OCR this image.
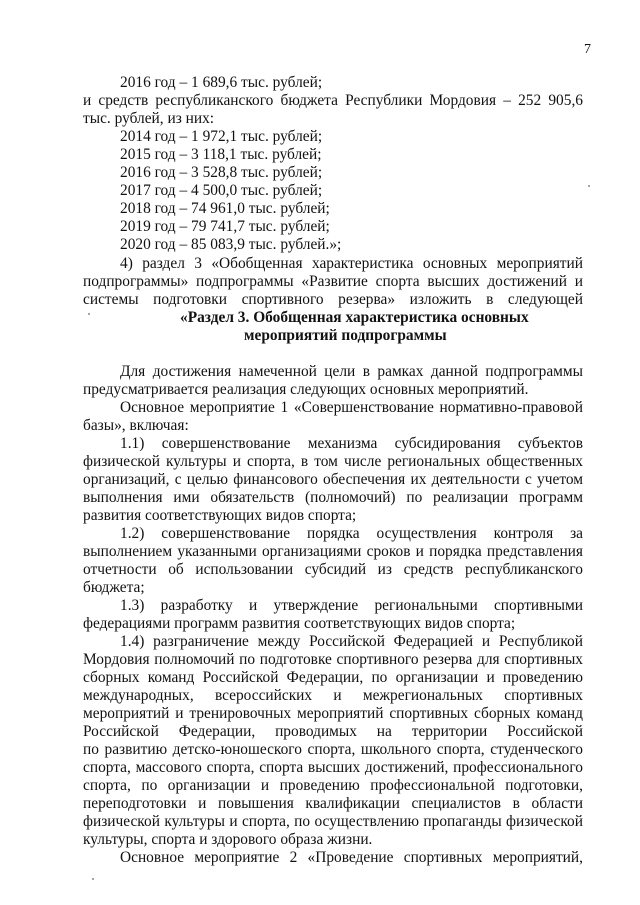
7
2016 год – 1 689,6 тыс. рублей;
и средств республиканского бюджета Республики Мордовия – 252 905,6
тыс. рублей, из них:
2014 год – 1 972,1 тыс. рублей;
2015 год – 3 118,1 тыс. рублей;
2016 год – 3 528,8 тыс. рублей;
2017 год – 4 500,0 тыс. рублей;
2018 год – 74 961,0 тыс. рублей;
2019 год – 79 741,7 тыс. рублей;
2020 год – 85 083,9 тыс. рублей.»;
4) раздел 3 «Обобщенная характеристика основных мероприятий
подпрограммы» подпрограммы «Развитие спорта высших достижений и
системы подготовки спортивного резерва» изложить в следующей
«Раздел 3. Обобщенная характеристика основных
мероприятий подпрограммы
Для достижения намеченной цели в рамках данной подпрограммы
предусматривается реализация следующих основных мероприятий.
Основное мероприятие 1 «Совершенствование нормативно-правовой
базы», включая:
1.1) совершенствование механизма субсидирования субъектов
физической культуры и спорта, в том числе региональных общественных
организаций, с целью финансового обеспечения их деятельности с учетом
выполнения ими обязательств (полномочий) по реализации программ
развития соответствующих видов спорта;
1.2) совершенствование порядка осуществления контроля за
выполнением указанными организациями сроков и порядка представления
отчетности об использовании субсидий из средств республиканского
бюджета;
1.3) разработку и утверждение региональными спортивными
федерациями программ развития соответствующих видов спорта;
1.4) разграничение между Российской Федерацией и Республикой
Мордовия полномочий по подготовке спортивного резерва для спортивных
сборных команд Российской Федерации, по организации и проведению
международных, всероссийских и межрегиональных спортивных
мероприятий и тренировочных мероприятий спортивных сборных команд
Российской Федерации, проводимых на территории Российской
по развитию детско-юношеского спорта, школьного спорта, студенческого
спорта, массового спорта, спорта высших достижений, профессионального
спорта, по организации и проведению профессиональной подготовки,
переподготовки и повышения квалификации специалистов в области
физической культуры и спорта, по осуществлению пропаганды физической
культуры, спорта и здорового образа жизни.
Основное мероприятие 2 «Проведение спортивных мероприятий,
